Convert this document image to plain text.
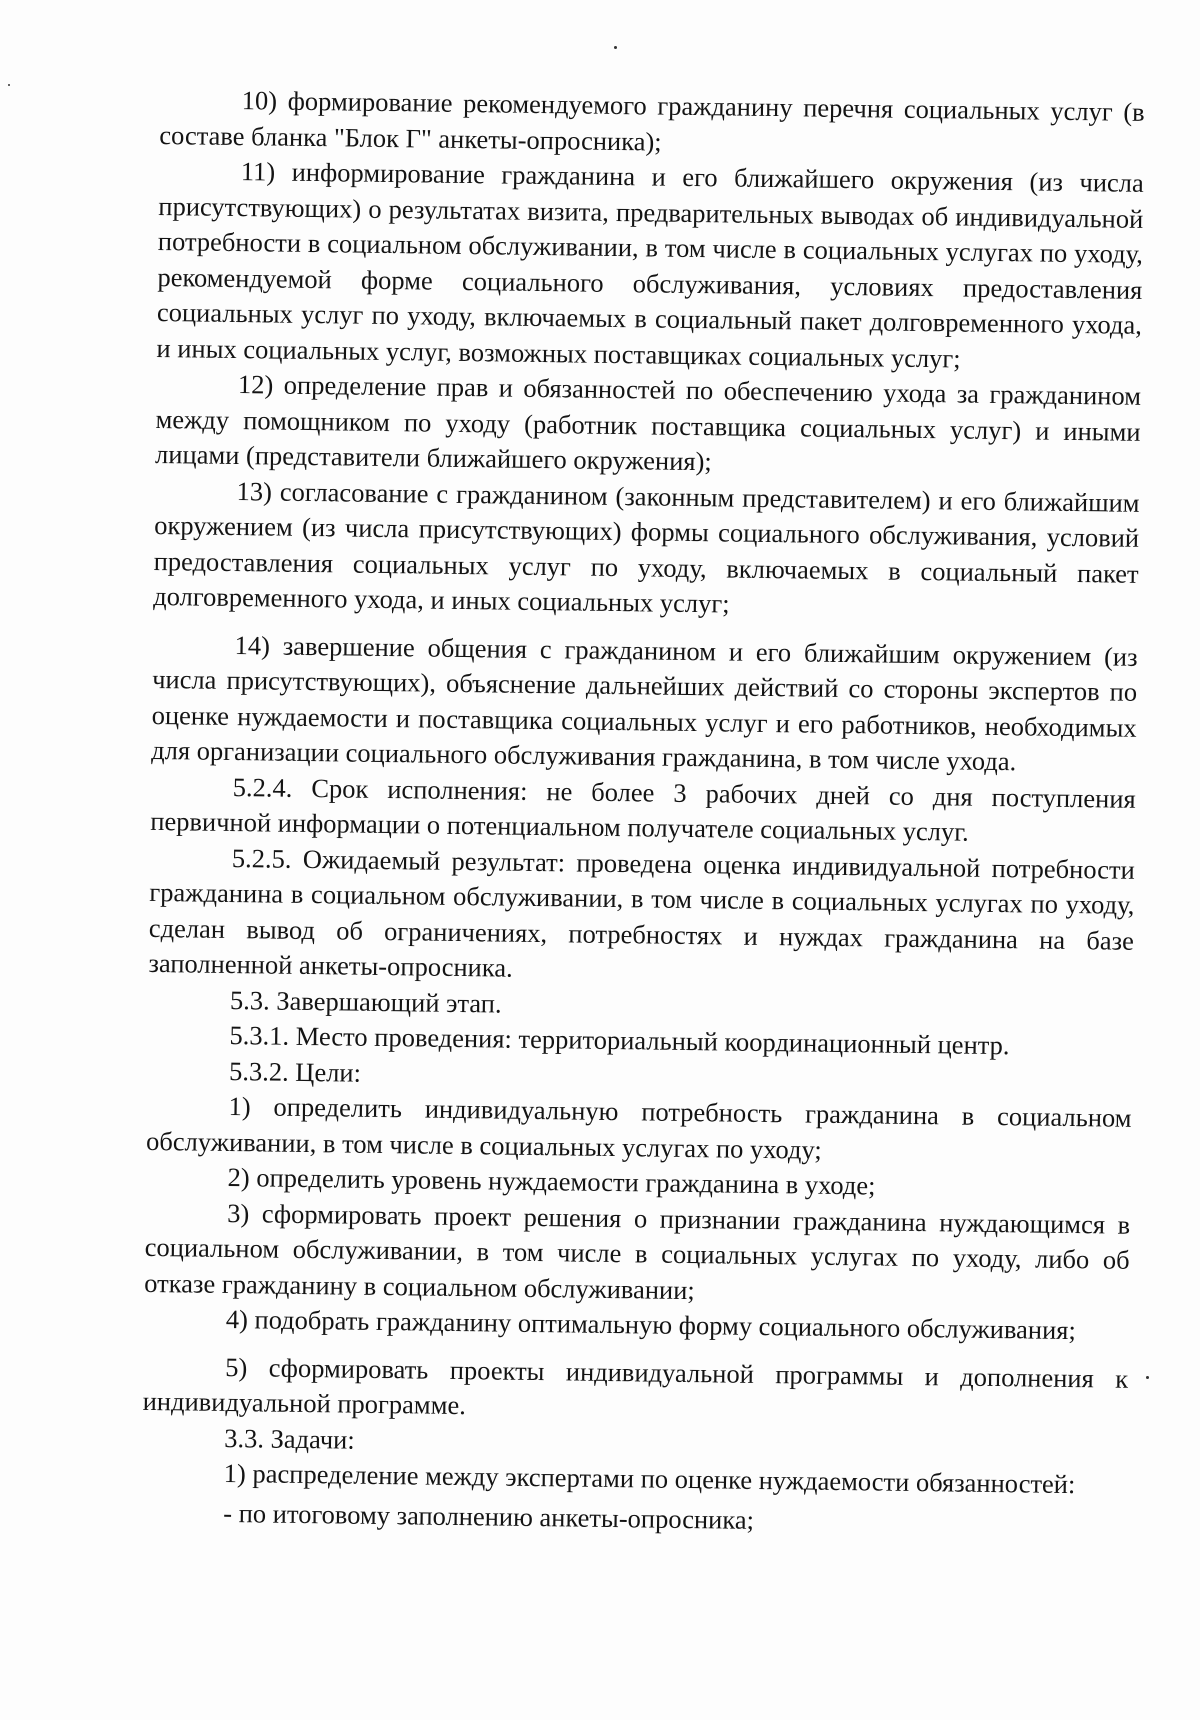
10) формирование рекомендуемого гражданину перечня социальных услуг (в составе бланка "Блок Г" анкеты-опросника);

11) информирование гражданина и его ближайшего окружения (из числа присутствующих) о результатах визита, предварительных выводах об индивидуальной потребности в социальном обслуживании, в том числе в социальных услугах по уходу, рекомендуемой форме социального обслуживания, условиях предоставления социальных услуг по уходу, включаемых в социальный пакет долговременного ухода, и иных социальных услуг, возможных поставщиках социальных услуг;

12) определение прав и обязанностей по обеспечению ухода за гражданином между помощником по уходу (работник поставщика социальных услуг) и иными лицами (представители ближайшего окружения);

13) согласование с гражданином (законным представителем) и его ближайшим окружением (из числа присутствующих) формы социального обслуживания, условий предоставления социальных услуг по уходу, включаемых в социальный пакет долговременного ухода, и иных социальных услуг;

14) завершение общения с гражданином и его ближайшим окружением (из числа присутствующих), объяснение дальнейших действий со стороны экспертов по оценке нуждаемости и поставщика социальных услуг и его работников, необходимых для организации социального обслуживания гражданина, в том числе ухода.

5.2.4. Срок исполнения: не более 3 рабочих дней со дня поступления первичной информации о потенциальном получателе социальных услуг.

5.2.5. Ожидаемый результат: проведена оценка индивидуальной потребности гражданина в социальном обслуживании, в том числе в социальных услугах по уходу, сделан вывод об ограничениях, потребностях и нуждах гражданина на базе заполненной анкеты-опросника.

5.3. Завершающий этап.

5.3.1. Место проведения: территориальный координационный центр.

5.3.2. Цели:

1) определить индивидуальную потребность гражданина в социальном обслуживании, в том числе в социальных услугах по уходу;

2) определить уровень нуждаемости гражданина в уходе;

3) сформировать проект решения о признании гражданина нуждающимся в социальном обслуживании, в том числе в социальных услугах по уходу, либо об отказе гражданину в социальном обслуживании;

4) подобрать гражданину оптимальную форму социального обслуживания;

5) сформировать проекты индивидуальной программы и дополнения к индивидуальной программе.

3.3. Задачи:

1) распределение между экспертами по оценке нуждаемости обязанностей:

- по итоговому заполнению анкеты-опросника;
